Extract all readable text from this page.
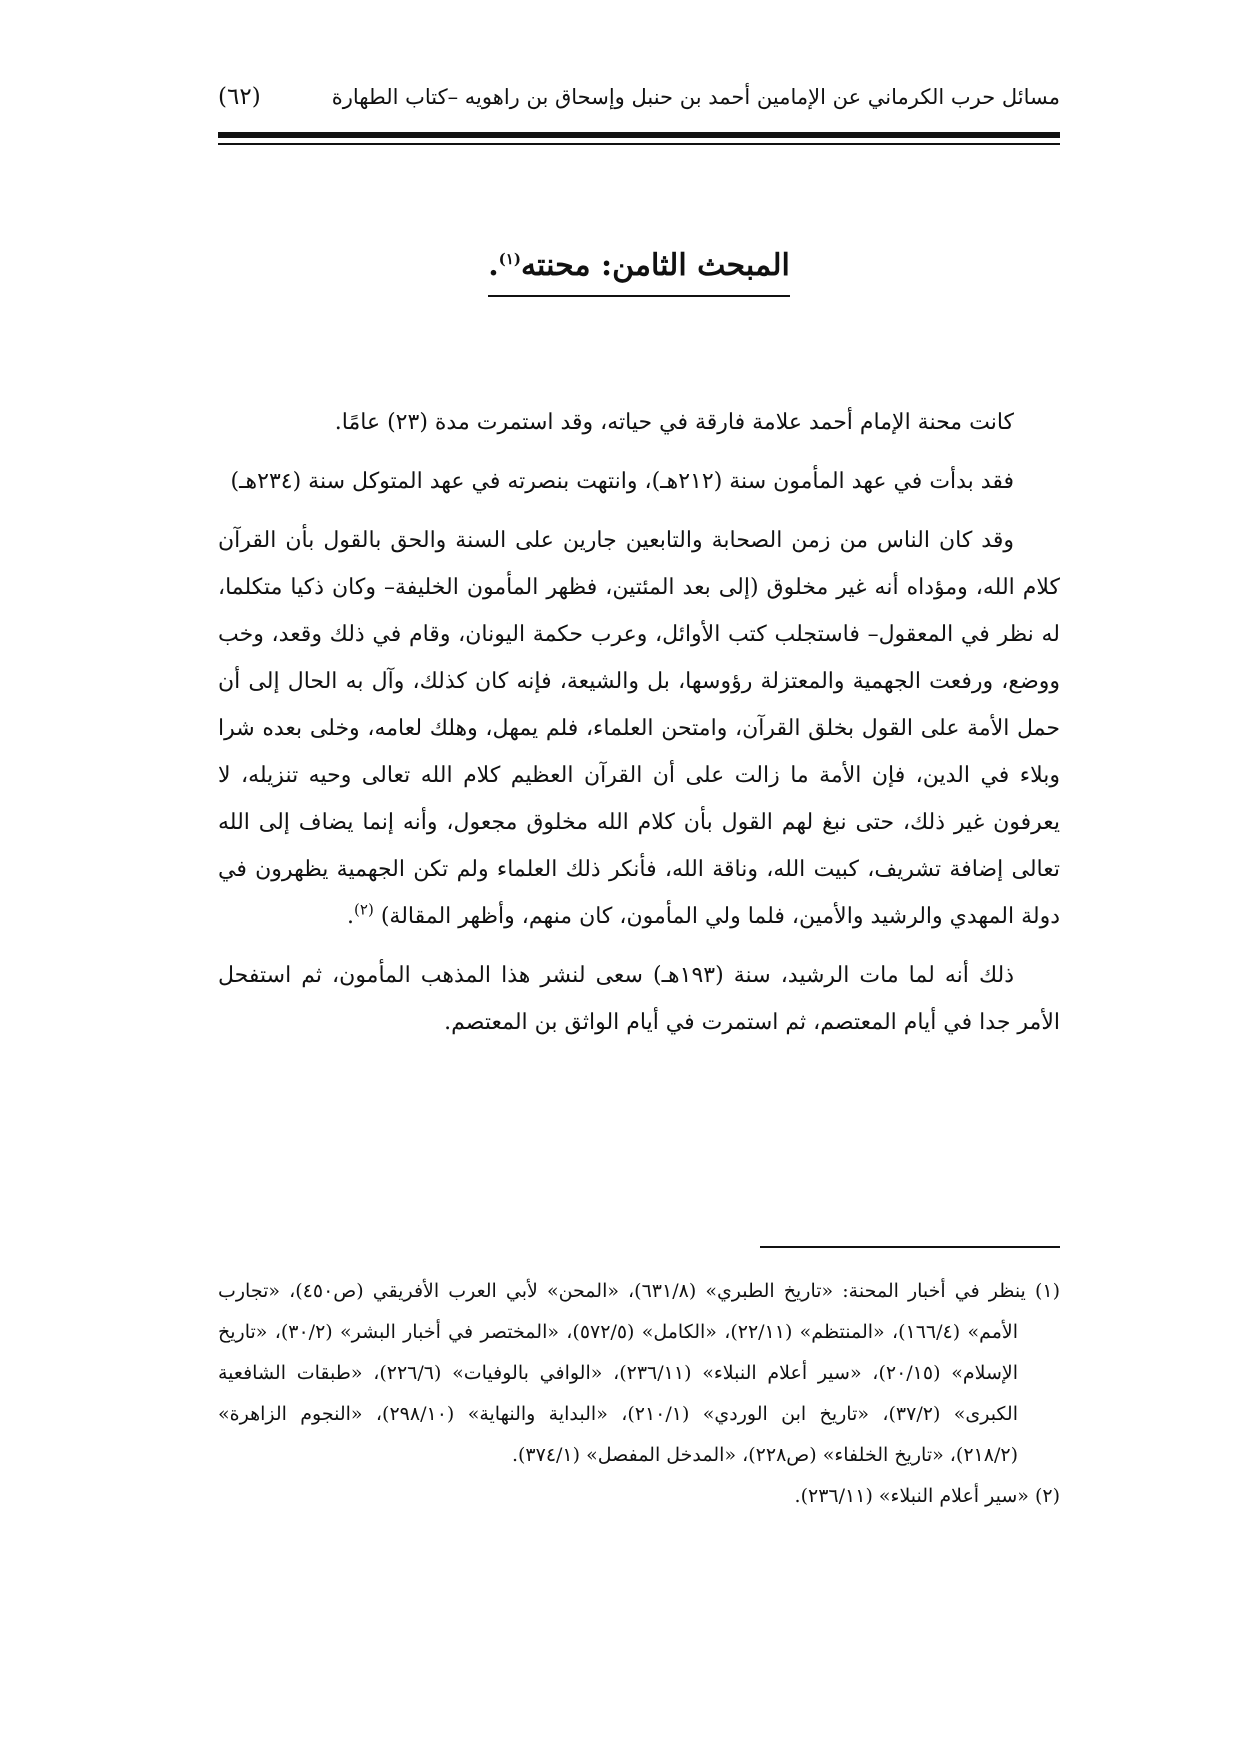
مسائل حرب الكرماني عن الإمامين أحمد بن حنبل وإسحاق بن راهويه –كتاب الطهارة
(٦٢)
المبحث الثامن: محنته$^{(١)}$.

كانت محنة الإمام أحمد علامة فارقة في حياته، وقد استمرت مدة (٢٣) عامًا.

فقد بدأت في عهد المأمون سنة (٢١٢هـ)، وانتهت بنصرته في عهد المتوكل سنة (٢٣٤هـ)

وقد كان الناس من زمن الصحابة والتابعين جارين على السنة والحق بالقول بأن القرآن كلام الله، ومؤداه أنه غير مخلوق (إلى بعد المئتين، فظهر المأمون الخليفة– وكان ذكيا متكلما، له نظر في المعقول– فاستجلب كتب الأوائل، وعرب حكمة اليونان، وقام في ذلك وقعد، وخب ووضع، ورفعت الجهمية والمعتزلة رؤوسها، بل والشيعة، فإنه كان كذلك، وآل به الحال إلى أن حمل الأمة على القول بخلق القرآن، وامتحن العلماء، فلم يمهل، وهلك لعامه، وخلى بعده شرا وبلاء في الدين، فإن الأمة ما زالت على أن القرآن العظيم كلام الله تعالى وحيه تنزيله، لا يعرفون غير ذلك، حتى نبغ لهم القول بأن كلام الله مخلوق مجعول، وأنه إنما يضاف إلى الله تعالى إضافة تشريف، كبيت الله، وناقة الله، فأنكر ذلك العلماء ولم تكن الجهمية يظهرون في دولة المهدي والرشيد والأمين، فلما ولي المأمون، كان منهم، وأظهر المقالة) $^{(٢)}$.

ذلك أنه لما مات الرشيد، سنة (١٩٣هـ) سعى لنشر هذا المذهب المأمون، ثم استفحل الأمر جدا في أيام المعتصم، ثم استمرت في أيام الواثق بن المعتصم.

(١) ينظر في أخبار المحنة: «تاريخ الطبري» (٦٣١/٨)، «المحن» لأبي العرب الأفريقي (ص٤٥٠)، «تجارب الأمم» (١٦٦/٤)، «المنتظم» (٢٢/١١)، «الكامل» (٥٧٢/٥)، «المختصر في أخبار البشر» (٣٠/٢)، «تاريخ الإسلام» (٢٠/١٥)، «سير أعلام النبلاء» (٢٣٦/١١)، «الوافي بالوفيات» (٢٢٦/٦)، «طبقات الشافعية الكبرى» (٣٧/٢)، «تاريخ ابن الوردي» (٢١٠/١)، «البداية والنهاية» (٢٩٨/١٠)، «النجوم الزاهرة» (٢١٨/٢)، «تاريخ الخلفاء» (ص٢٢٨)، «المدخل المفصل» (٣٧٤/١).

(٢) «سير أعلام النبلاء» (٢٣٦/١١).
